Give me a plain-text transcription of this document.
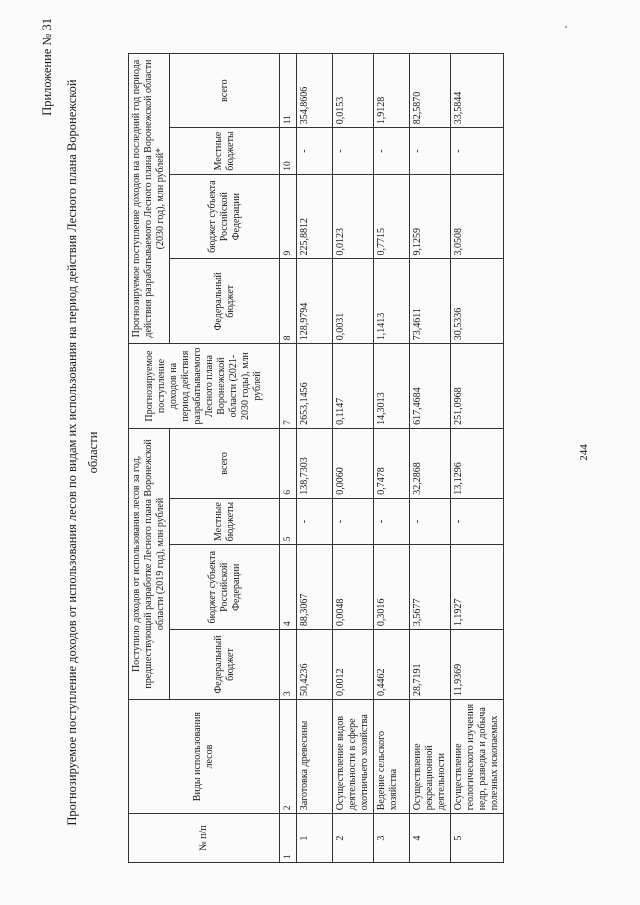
244
Приложение № 31
Прогнозируемое поступление доходов от использования лесов по видам их использования на период действия Лесного плана Воронежской области
№ п/п	Виды использования лесов	Поступило доходов от использования лесов за год, предшествующий разработке Лесного плана Воронежской области (2019 год), млн рублей				Прогнозируемое поступление доходов на период действия разрабатываемого Лесного плана Воронежской области (2021-2030 годы), млн рублей	Прогнозируемое поступление доходов на последний год периода действия разрабатываемого Лесного плана Воронежской области (2030 год), млн рублей*			
		Федеральный бюджет	бюджет субъекта Российской Федерации	Местные бюджеты	всего		Федеральный бюджет	бюджет субъекта Российской Федерации	Местные бюджеты	всего
1	2	3	4	5	6	7	8	9	10	11
1	Заготовка древесины	50,4236	88,3067	-	138,7303	2653,1456	128,9794	225,8812	-	354,8606
2	Осуществление видов деятельности в сфере охотничьего хозяйства	0,0012	0,0048	-	0,0060	0,1147	0,0031	0,0123	-	0,0153
3	Ведение сельского хозяйства	0,4462	0,3016	-	0,7478	14,3013	1,1413	0,7715	-	1,9128
4	Осуществление рекреационной деятельности	28,7191	3,5677	-	32,2868	617,4684	73,4611	9,1259	-	82,5870
5	Осуществление геологического изучения недр, разведка и добыча полезных ископаемых	11,9369	1,1927	-	13,1296	251,0968	30,5336	3,0508	-	33,5844
